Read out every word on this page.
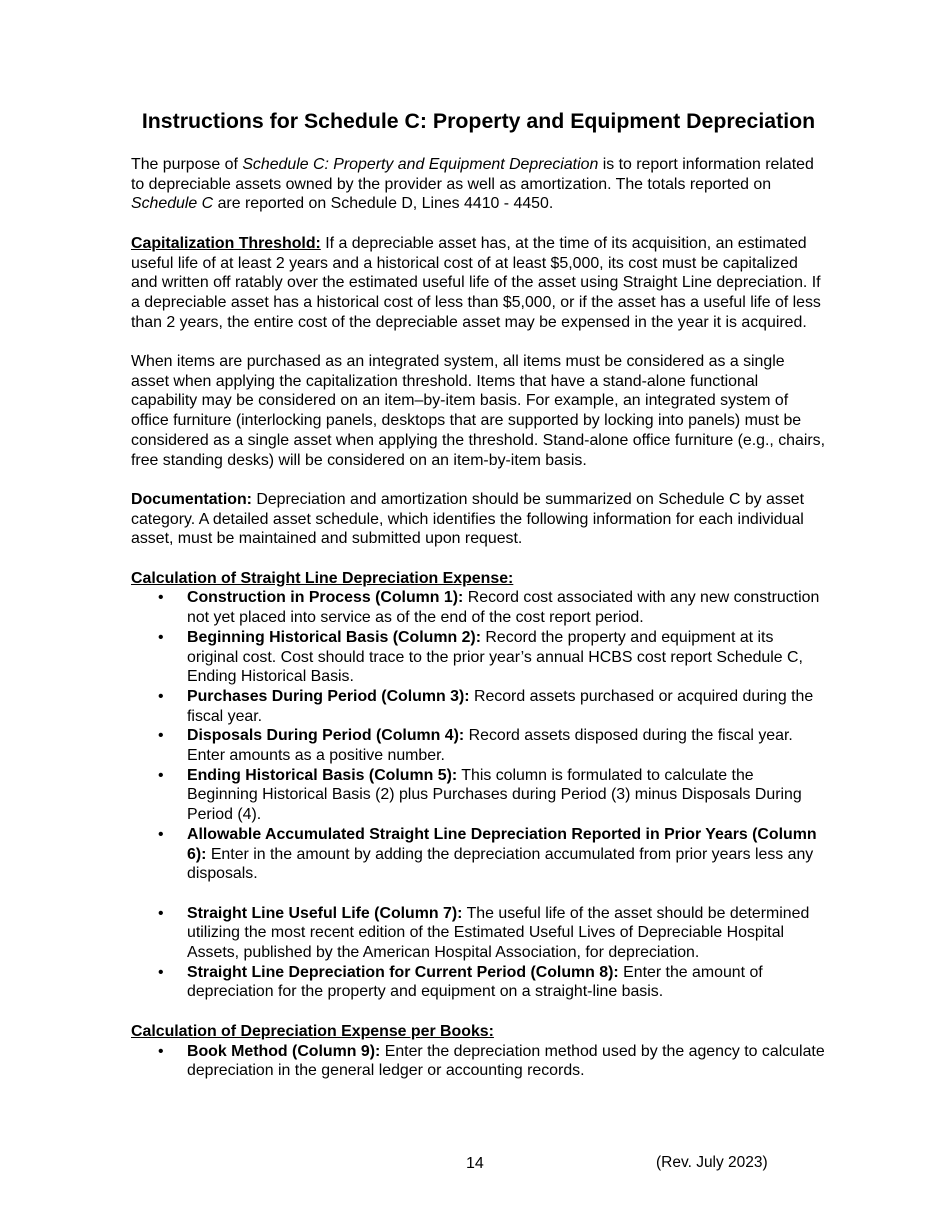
Instructions for Schedule C: Property and Equipment Depreciation

The purpose of Schedule C: Property and Equipment Depreciation is to report information related to depreciable assets owned by the provider as well as amortization. The totals reported on Schedule C are reported on Schedule D, Lines 4410 - 4450.

Capitalization Threshold: If a depreciable asset has, at the time of its acquisition, an estimated useful life of at least 2 years and a historical cost of at least $5,000, its cost must be capitalized and written off ratably over the estimated useful life of the asset using Straight Line depreciation. If a depreciable asset has a historical cost of less than $5,000, or if the asset has a useful life of less than 2 years, the entire cost of the depreciable asset may be expensed in the year it is acquired.

When items are purchased as an integrated system, all items must be considered as a single asset when applying the capitalization threshold. Items that have a stand-alone functional capability may be considered on an item–by-item basis. For example, an integrated system of office furniture (interlocking panels, desktops that are supported by locking into panels) must be considered as a single asset when applying the threshold. Stand-alone office furniture (e.g., chairs, free standing desks) will be considered on an item-by-item basis.

Documentation: Depreciation and amortization should be summarized on Schedule C by asset category. A detailed asset schedule, which identifies the following information for each individual asset, must be maintained and submitted upon request.

Calculation of Straight Line Depreciation Expense:
• Construction in Process (Column 1): Record cost associated with any new construction not yet placed into service as of the end of the cost report period.
• Beginning Historical Basis (Column 2): Record the property and equipment at its original cost. Cost should trace to the prior year’s annual HCBS cost report Schedule C, Ending Historical Basis.
• Purchases During Period (Column 3): Record assets purchased or acquired during the fiscal year.
• Disposals During Period (Column 4): Record assets disposed during the fiscal year. Enter amounts as a positive number.
• Ending Historical Basis (Column 5): This column is formulated to calculate the Beginning Historical Basis (2) plus Purchases during Period (3) minus Disposals During Period (4).
• Allowable Accumulated Straight Line Depreciation Reported in Prior Years (Column 6): Enter in the amount by adding the depreciation accumulated from prior years less any disposals.
• Straight Line Useful Life (Column 7): The useful life of the asset should be determined utilizing the most recent edition of the Estimated Useful Lives of Depreciable Hospital Assets, published by the American Hospital Association, for depreciation.
• Straight Line Depreciation for Current Period (Column 8): Enter the amount of depreciation for the property and equipment on a straight-line basis.
Calculation of Depreciation Expense per Books:
• Book Method (Column 9): Enter the depreciation method used by the agency to calculate depreciation in the general ledger or accounting records.
14	(Rev. July 2023)
